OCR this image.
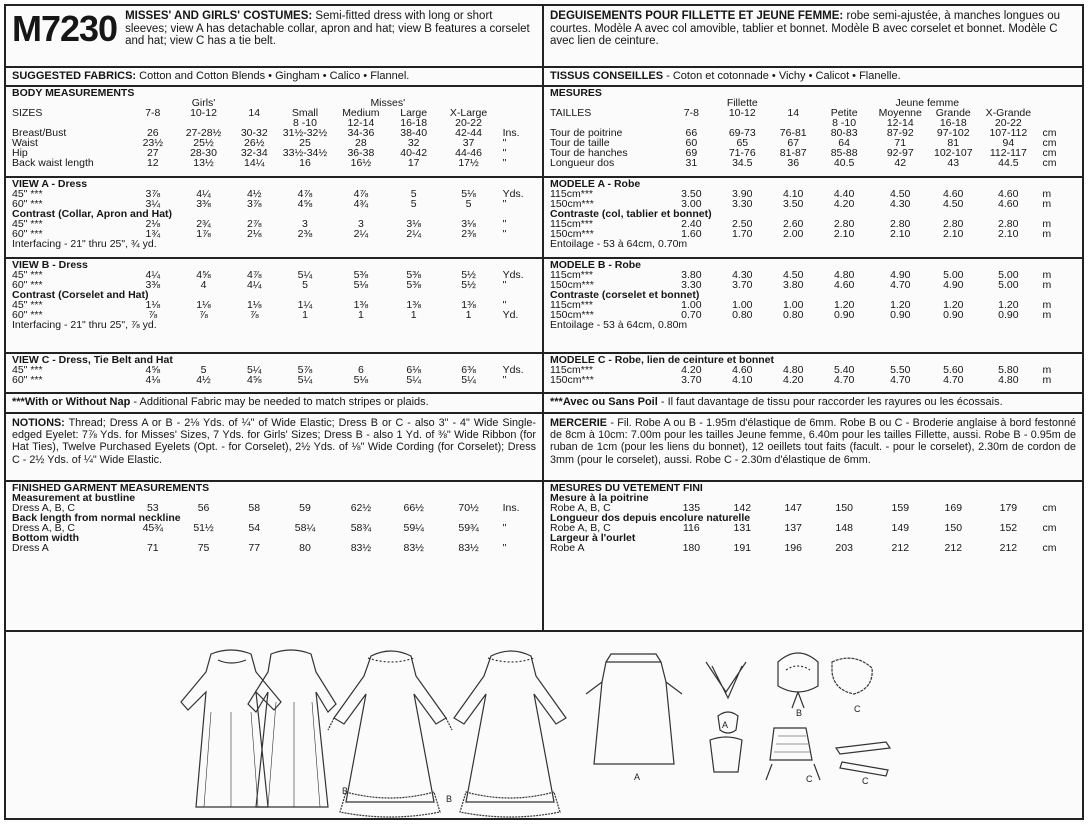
M7230 MISSES' AND GIRLS' COSTUMES: Semi-fitted dress with long or short sleeves; view A has detachable collar, apron and hat; view B features a corselet and hat; view C has a tie belt.
SUGGESTED FABRICS: Cotton and Cotton Blends • Gingham • Calico • Flannel.
BODY MEASUREMENTS								
	Girls'			Misses'				
SIZES	7-8	10-12	14	Small	Medium	Large	X-Large	
				8 -10	12-14	16-18	20-22	
Breast/Bust	26	27-28½	30-32	31½-32½	34-36	38-40	42-44	Ins.
Waist	23½	25½	26½	25	28	32	37	"
Hip	27	28-30	32-34	33½-34½	36-38	40-42	44-46	"
Back waist length	12	13½	14¼	16	16½	17	17½	"
VIEW A - Dress								
45" ***	3⅞	4¼	4½	4⅞	4⅞	5	5⅛	Yds.
60" ***	3¼	3⅜	3⅞	4⅝	4¾	5	5	"
Contrast (Collar, Apron and Hat)								
45" ***	2⅛	2¾	2⅞	3	3	3⅛	3⅛	"
60" ***	1¾	1⅞	2⅛	2⅜	2¼	2¼	2⅜	"
Interfacing - 21" thru 25", ¾ yd.								
VIEW B - Dress								
45" ***	4¼	4⅝	4⅞	5¼	5⅜	5⅜	5½	Yds.
60" ***	3⅜	4	4¼	5	5⅛	5⅜	5½	"
Contrast (Corselet and Hat)								
45" ***	1⅛	1⅛	1⅛	1¼	1⅜	1⅜	1⅜	"
60" ***	⅞	⅞	⅞	1	1	1	1	Yd.
Interfacing - 21" thru 25", ⅞ yd.								
VIEW C - Dress, Tie Belt and Hat								
45" ***	4⅝	5	5¼	5⅞	6	6⅛	6⅜	Yds.
60" ***	4⅛	4½	4⅝	5¼	5⅛	5¼	5¼	"
***With or Without Nap - Additional Fabric may be needed to match stripes or plaids.
NOTIONS: Thread; Dress A or B - 2⅛ Yds. of ¼" of Wide Elastic; Dress B or C - also 3" - 4" Wide Single-edged Eyelet: 7⅞ Yds. for Misses' Sizes, 7 Yds. for Girls' Sizes; Dress B - also 1 Yd. of ⅜" Wide Ribbon (for Hat Ties), Twelve Purchased Eyelets (Opt. - for Corselet), 2½ Yds. of ⅛" Wide Cording (for Corselet); Dress C - 2½ Yds. of ¼" Wide Elastic.
FINISHED GARMENT MEASUREMENTS								
Measurement at bustline								
Dress A, B, C	53	56	58	59	62½	66½	70½	Ins.
Back length from normal neckline								
Dress A, B, C	45¾	51½	54	58¼	58¾	59¼	59¾	"
Bottom width								
Dress A	71	75	77	80	83½	83½	83½	"
DEGUISEMENTS POUR FILLETTE ET JEUNE FEMME: robe semi-ajustée, à manches longues ou courtes. Modèle A avec col amovible, tablier et bonnet. Modèle B avec corselet et bonnet. Modèle C avec lien de ceinture.
TISSUS CONSEILLES - Coton et cotonnade • Vichy • Calicot • Flanelle.
MESURES								
	Fillette			Jeune femme				
TAILLES	7-8	10-12	14	Petite	Moyenne	Grande	X-Grande	
				8 -10	12-14	16-18	20-22	
Tour de poitrine	66	69-73	76-81	80-83	87-92	97-102	107-112	cm
Tour de taille	60	65	67	64	71	81	94	cm
Tour de hanches	69	71-76	81-87	85-88	92-97	102-107	112-117	cm
Longueur dos	31	34.5	36	40.5	42	43	44.5	cm
MODELE A - Robe								
115cm***	3.50	3.90	4.10	4.40	4.50	4.60	4.60	m
150cm***	3.00	3.30	3.50	4.20	4.30	4.50	4.60	m
Contraste (col, tablier et bonnet)								
115cm***	2.40	2.50	2.60	2.80	2.80	2.80	2.80	m
150cm***	1.60	1.70	2.00	2.10	2.10	2.10	2.10	m
Entoilage - 53 à 64cm, 0.70m								
MODELE B - Robe								
115cm***	3.80	4.30	4.50	4.80	4.90	5.00	5.00	m
150cm***	3.30	3.70	3.80	4.60	4.70	4.90	5.00	m
Contraste (corselet et bonnet)								
115cm***	1.00	1.00	1.00	1.20	1.20	1.20	1.20	m
150cm***	0.70	0.80	0.80	0.90	0.90	0.90	0.90	m
Entoilage - 53 à 64cm, 0.80m								
MODELE C - Robe, lien de ceinture et bonnet								
115cm***	4.20	4.60	4.80	5.40	5.50	5.60	5.80	m
150cm***	3.70	4.10	4.20	4.70	4.70	4.70	4.80	m
***Avec ou Sans Poil - Il faut davantage de tissu pour raccorder les rayures ou les écossais.
MERCERIE - Fil. Robe A ou B - 1.95m d'élastique de 6mm. Robe B ou C - Broderie anglaise à bord festonné de 8cm à 10cm: 7.00m pour les tailles Jeune femme, 6.40m pour les tailles Fillette, aussi. Robe B - 0.95m de ruban de 1cm (pour les liens du bonnet), 12 oeillets tout faits (facult. - pour le corselet), 2.30m de cordon de 3mm (pour le corselet), aussi. Robe C - 2.30m d'élastique de 6mm.
MESURES DU VETEMENT FINI								
Mesure à la poitrine								
Robe A, B, C	135	142	147	150	159	169	179	cm
Longueur dos depuis encolure naturelle								
Robe A, B, C	116	131	137	148	149	150	152	cm
Largeur à l'ourlet								
Robe A	180	191	196	203	212	212	212	cm
B
B
A
A
B	C
C	C
